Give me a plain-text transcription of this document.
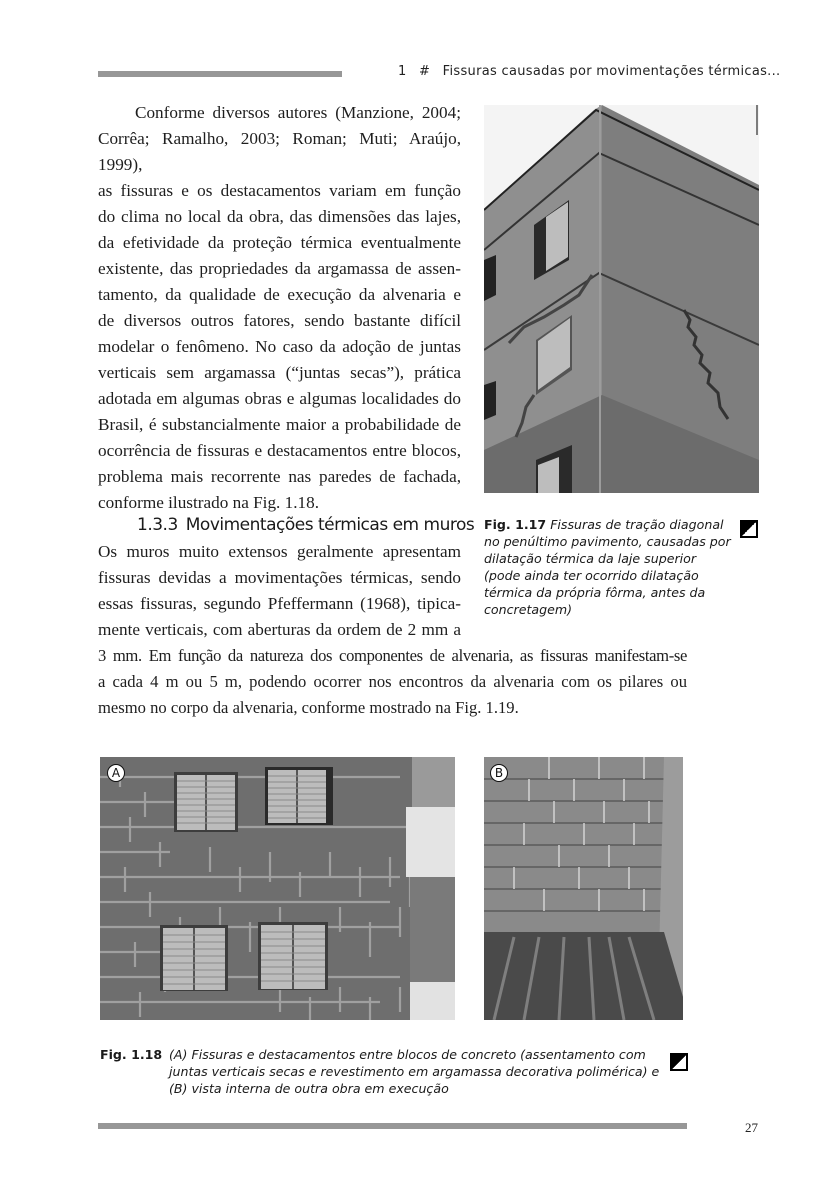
1 # Fissuras causadas por movimentações térmicas...

Conforme diversos autores (Manzione, 2004;

Corrêa; Ramalho, 2003; Roman; Muti; Araújo, 1999),

as fissuras e os destacamentos variam em função

do clima no local da obra, das dimensões das lajes,

da efetividade da proteção térmica eventualmente

existente, das propriedades da argamassa de assen-

tamento, da qualidade de execução da alvenaria e

de diversos outros fatores, sendo bastante difícil

modelar o fenômeno. No caso da adoção de juntas

verticais sem argamassa (“juntas secas”), prática

adotada em algumas obras e algumas localidades do

Brasil, é substancialmente maior a probabilidade de

ocorrência de fissuras e destacamentos entre blocos,

problema mais recorrente nas paredes de fachada,

conforme ilustrado na Fig. 1.18.

1.3.3 Movimentações térmicas em muros

Os muros muito extensos geralmente apresentam

fissuras devidas a movimentações térmicas, sendo

essas fissuras, segundo Pfeffermann (1968), tipica-

mente verticais, com aberturas da ordem de 2 mm a

3 mm. Em função da natureza dos componentes de alvenaria, as fissuras manifestam-se

a cada 4 m ou 5 m, podendo ocorrer nos encontros da alvenaria com os pilares ou

mesmo no corpo da alvenaria, conforme mostrado na Fig. 1.19.

Fig. 1.17 Fissuras de tração diagonal no penúltimo pavimento, causadas por dilatação térmica da laje superior (pode ainda ter ocorrido dilatação térmica da própria fôrma, antes da concretagem)
A	B
Fig. 1.18 (A) Fissuras e destacamentos entre blocos de concreto (assentamento com
juntas verticais secas e revestimento em argamassa decorativa polimérica) e
(B) vista interna de outra obra em execução
27
